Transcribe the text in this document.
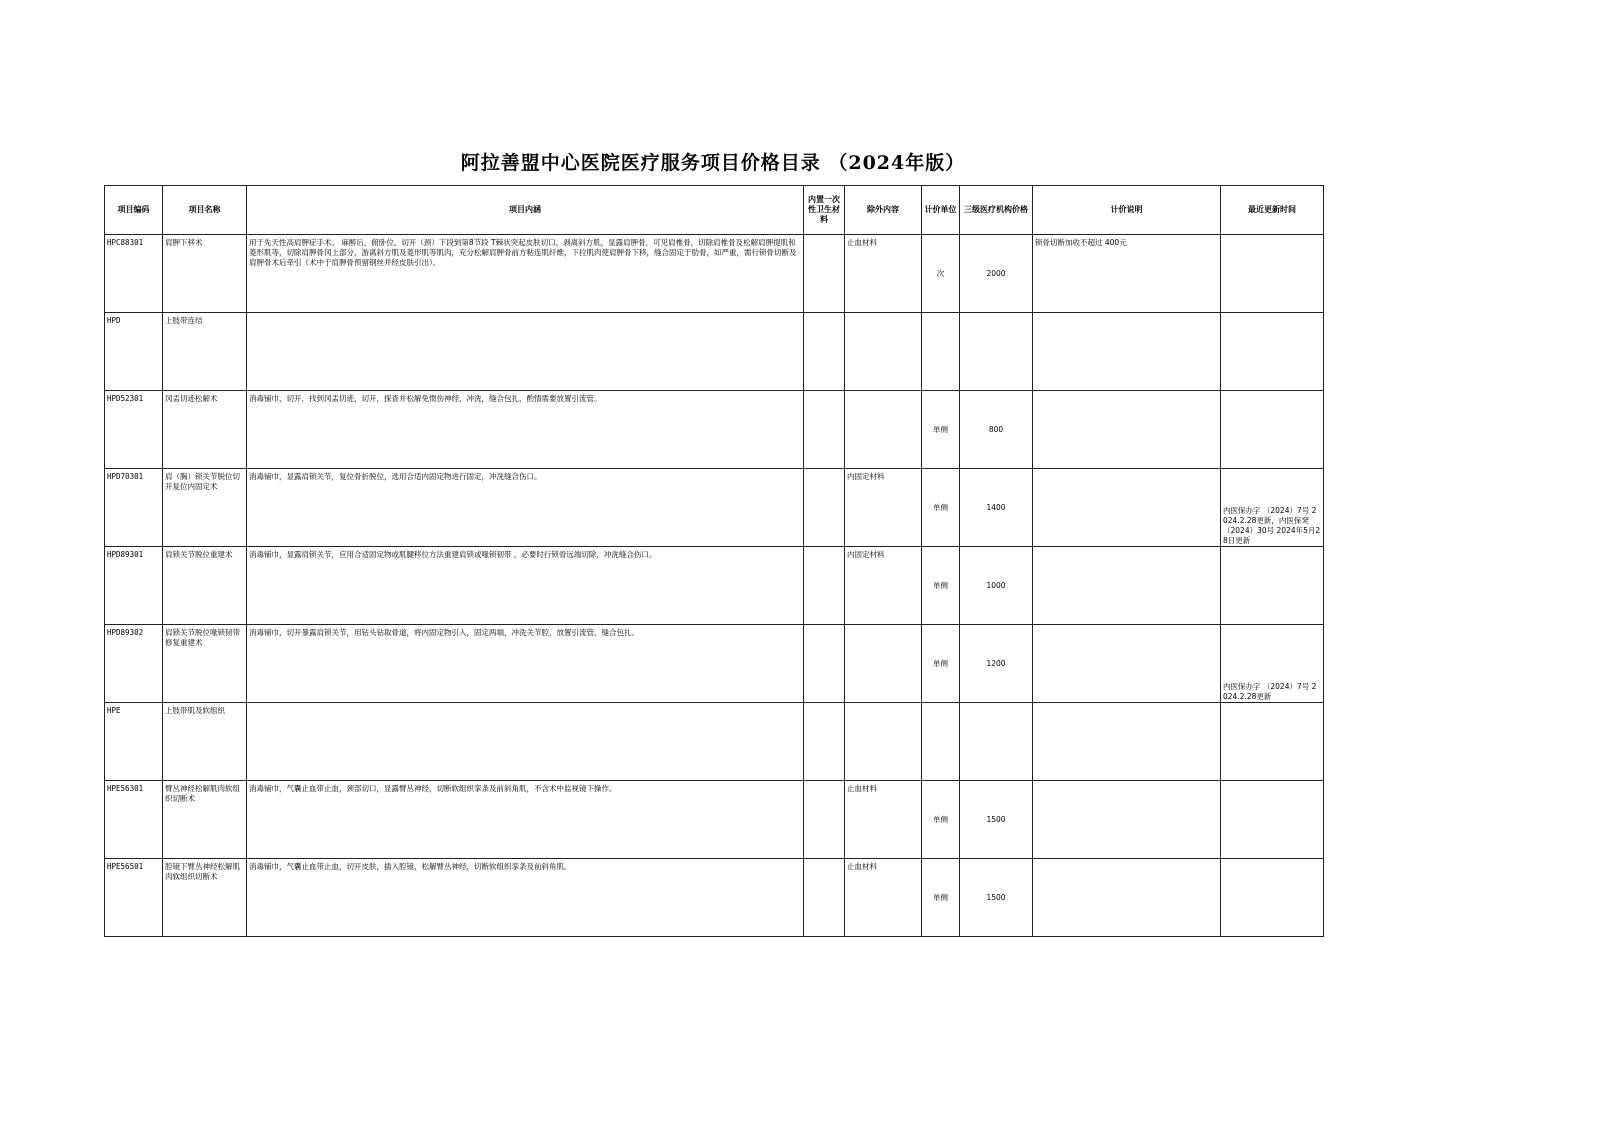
阿拉善盟中心医院医疗服务项目价格目录 （2024年版）
项目编码	项目名称	项目内涵	内置一次性卫生材料	除外内容	计价单位	三级医疗机构价格	计价说明	最近更新时间
HPC88301	肩胛下移术	用于先天性高肩胛症手术。 麻醉后，俯卧位，切开（颈）下段到第8节段 T棘状突起皮肤切口，剥离斜方肌，显露肩胛骨，可见肩椎骨，切除肩椎骨及松解肩胛提肌和菱形肌等，切除肩胛骨冈上部分，游离斜方肌及菱形肌等肌肉，充分松解肩胛骨前方粘连肌纤维，下拉肌肉使肩胛骨下移，缝合固定于肋骨，如严重，需行锁骨切断及肩胛骨术后牵引（术中于肩胛骨预留钢丝并经皮肤引出）。		止血材料	次	2000	锁骨切断加收不超过 400元	
HPD	上肢带连结							
HPD52301	冈盂切迹松解术	消毒铺巾，切开，找到冈盂切迹，切开，探查并松解免惯伤神经，冲洗，缝合包扎，酌情需要放置引流管。			单侧	800		
HPD70301	肩（胸）锁关节脱位切开复位内固定术	消毒铺巾，显露肩锁关节，复位骨折脱位，选用合适内固定物进行固定，冲洗缝合伤口。		内固定材料	单侧	1400		内医保办字 （2024）7号 2024.2.28更新，内医保発（2024）30号 2024年5月28日更新
HPD89301	肩锁关节脱位重建术	消毒铺巾，显露肩锁关节，应用合适固定物或肌腱移位方法重建肩锁或喙锁韧带 ，必要时行锁骨远端切除，冲洗缝合伤口。		内固定材料	单侧	1000		
HPD89302	肩锁关节脱位喙锁韧带修复重建术	消毒铺巾，切开暴露肩锁关节，用钻头钻取骨道，将内固定物引入，固定两端，冲洗关节腔，放置引流管，缝合包扎。			单侧	1200		内医保办字 （2024）7号 2024.2.28更新
HPE	上肢带肌及软组织							
HPE56301	臂丛神经松解肌肉软组织切断术	消毒铺巾，气囊止血带止血，颈部切口，显露臂丛神经，切断软组织挛条及前斜角肌，不含术中监视镜下操作。		止血材料	单侧	1500		
HPE56501	腔镜下臂丛神经松解肌肉软组织切断术	消毒铺巾，气囊止血带止血，切开皮肤，插入腔镜，松解臂丛神经，切断软组织挛条及前斜角肌。		止血材料	单侧	1500		
